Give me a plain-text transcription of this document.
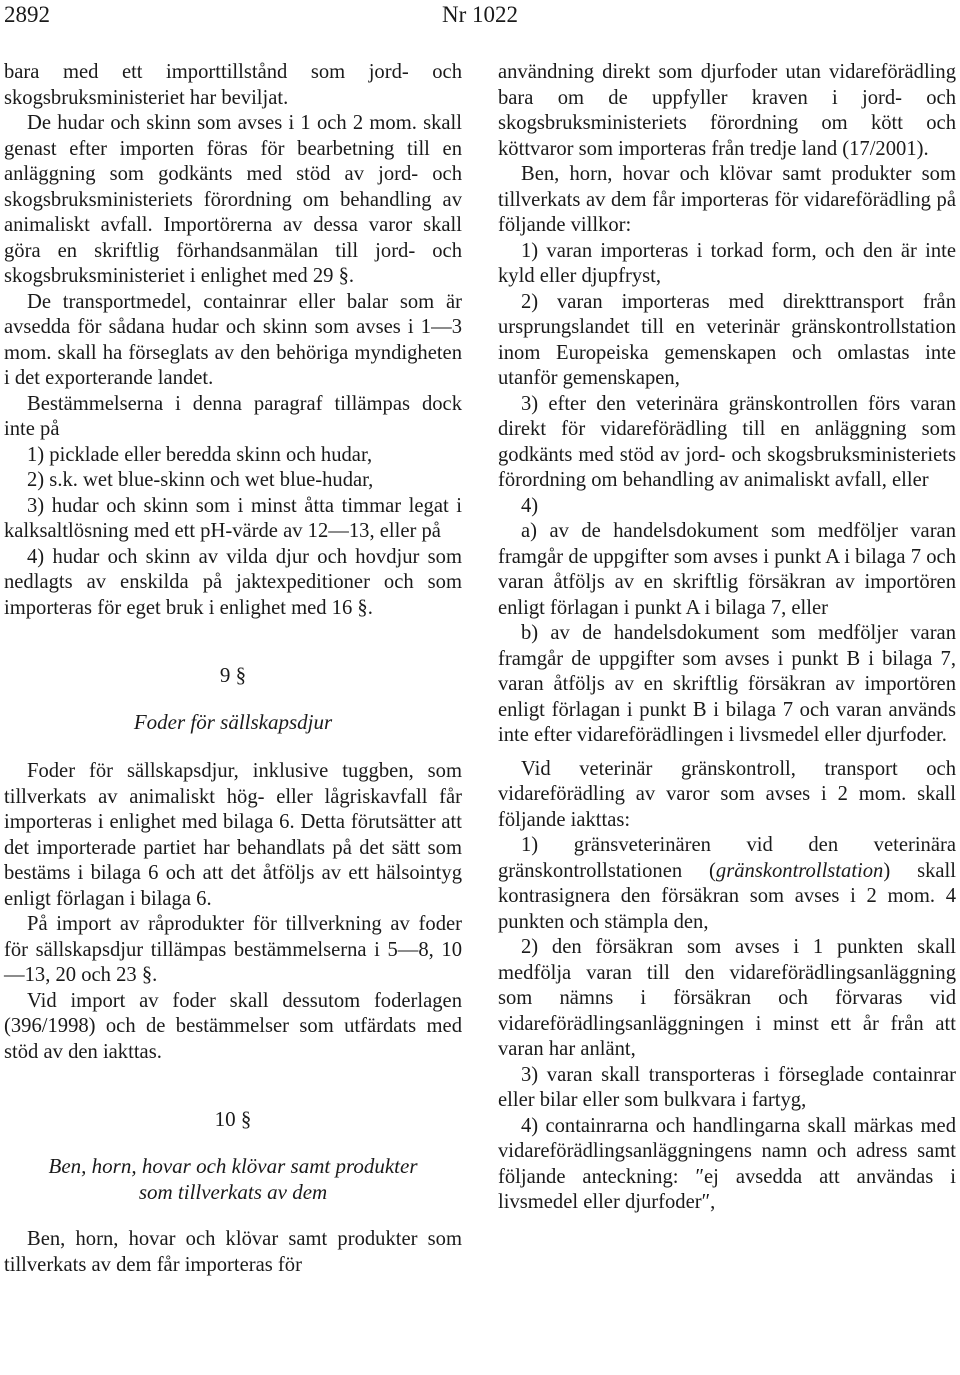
2892	Nr 1022

bara med ett importtillstånd som jord- och skogsbruksministeriet har beviljat.

De hudar och skinn som avses i 1 och 2 mom. skall genast efter importen föras för bearbetning till en anläggning som godkänts med stöd av jord- och skogsbruksministeriets förordning om behandling av animaliskt avfall. Importörerna av dessa varor skall göra en skriftlig förhandsanmälan till jord- och skogsbruksministeriet i enlighet med 29 §.

De transportmedel, containrar eller balar som är avsedda för sådana hudar och skinn som avses i 1—3 mom. skall ha förseglats av den behöriga myndigheten i det exporterande landet.

Bestämmelserna i denna paragraf tillämpas dock inte på

1) picklade eller beredda skinn och hudar,

2) s.k. wet blue-skinn och wet blue-hudar,

3) hudar och skinn som i minst åtta timmar legat i kalksaltlösning med ett pH-värde av 12—13, eller på

4) hudar och skinn av vilda djur och hovdjur som nedlagts av enskilda på jaktexpeditioner och som importeras för eget bruk i enlighet med 16 §.

9 §
Foder för sällskapsdjur

Foder för sällskapsdjur, inklusive tuggben, som tillverkats av animaliskt hög- eller lågriskavfall får importeras i enlighet med bilaga 6. Detta förutsätter att det importerade partiet har behandlats på det sätt som bestäms i bilaga 6 och att det åtföljs av ett hälsointyg enligt förlagan i bilaga 6.

På import av råprodukter för tillverkning av foder för sällskapsdjur tillämpas bestämmelserna i 5—8, 10—13, 20 och 23 §.

Vid import av foder skall dessutom foderlagen (396/1998) och de bestämmelser som utfärdats med stöd av den iakttas.

10 §
Ben, horn, hovar och klövar samt produkter
som tillverkats av dem

Ben, horn, hovar och klövar samt produkter som tillverkats av dem får importeras för

användning direkt som djurfoder utan vidareförädling bara om de uppfyller kraven i jord- och skogsbruksministeriets förordning om kött och köttvaror som importeras från tredje land (17/2001).

Ben, horn, hovar och klövar samt produkter som tillverkats av dem får importeras för vidareförädling på följande villkor:

1) varan importeras i torkad form, och den är inte kyld eller djupfryst,

2) varan importeras med direkttransport från ursprungslandet till en veterinär gränskontrollstation inom Europeiska gemenskapen och omlastas inte utanför gemenskapen,

3) efter den veterinära gränskontrollen förs varan direkt för vidareförädling till en anläggning som godkänts med stöd av jord- och skogsbruksministeriets förordning om behandling av animaliskt avfall, eller

4)

a) av de handelsdokument som medföljer varan framgår de uppgifter som avses i punkt A i bilaga 7 och varan åtföljs av en skriftlig försäkran av importören enligt förlagan i punkt A i bilaga 7, eller

b) av de handelsdokument som medföljer varan framgår de uppgifter som avses i punkt B i bilaga 7, varan åtföljs av en skriftlig försäkran av importören enligt förlagan i punkt B i bilaga 7 och varan används inte efter vidareförädlingen i livsmedel eller djurfoder.

Vid veterinär gränskontroll, transport och vidareförädling av varor som avses i 2 mom. skall följande iakttas:

1) gränsveterinären vid den veterinära gränskontrollstationen (gränskontrollstation) skall kontrasignera den försäkran som avses i 2 mom. 4 punkten och stämpla den,

2) den försäkran som avses i 1 punkten skall medfölja varan till den vidareförädlingsanläggning som nämns i försäkran och förvaras vid vidareförädlingsanläggningen i minst ett år från att varan har anlänt,

3) varan skall transporteras i förseglade containrar eller bilar eller som bulkvara i fartyg,

4) containrarna och handlingarna skall märkas med vidareförädlingsanläggningens namn och adress samt följande anteckning: ″ej avsedda att användas i livsmedel eller djurfoder″,
